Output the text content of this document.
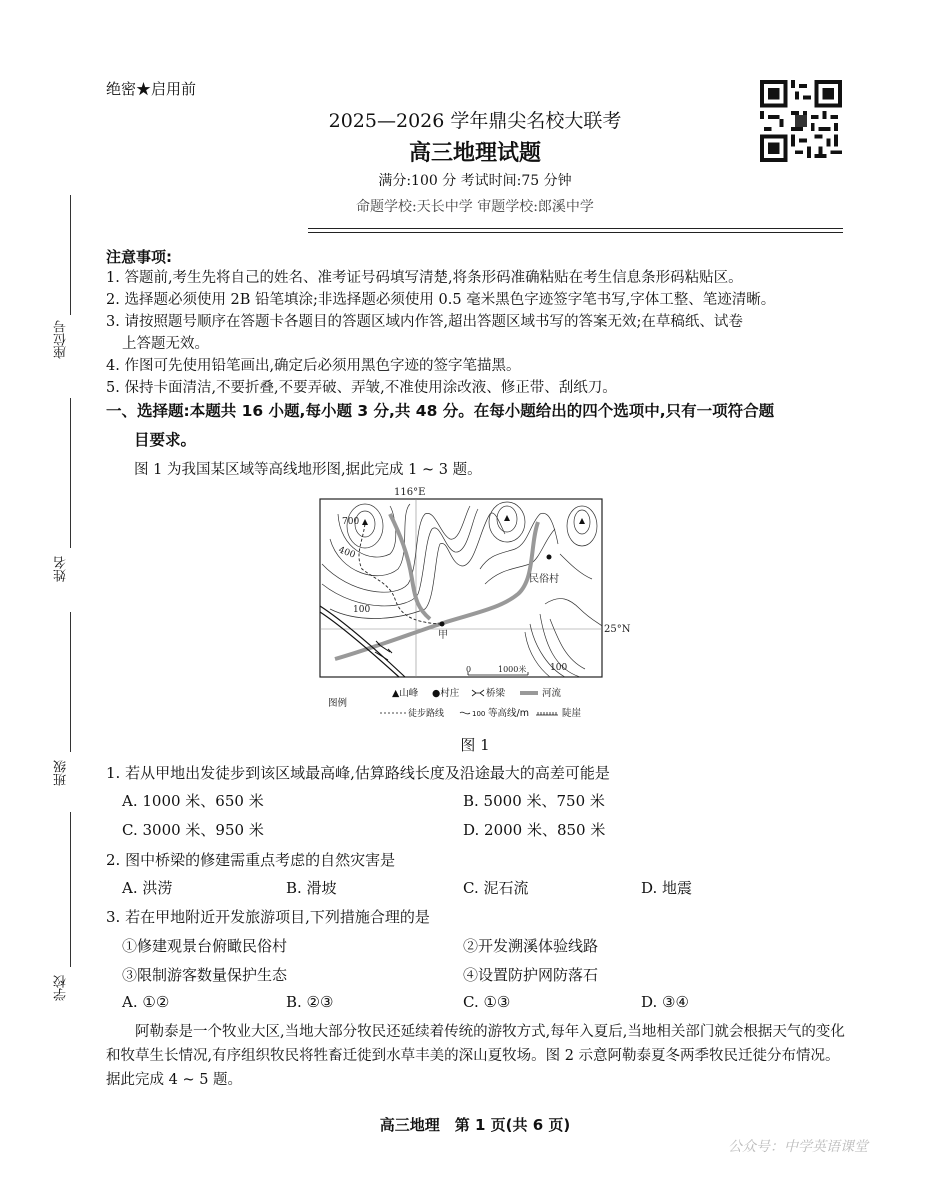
绝密★启用前
2025—2026 学年鼎尖名校大联考
高三地理试题
满分:100 分 考试时间:75 分钟
命题学校:天长中学 审题学校:郎溪中学
座位号
姓名
班级
学校
注意事项:
1. 答题前,考生先将自己的姓名、准考证号码填写清楚,将条形码准确粘贴在考生信息条形码粘贴区。
2. 选择题必须使用 2B 铅笔填涂;非选择题必须使用 0.5 毫米黑色字迹签字笔书写,字体工整、笔迹清晰。
3. 请按照题号顺序在答题卡各题目的答题区域内作答,超出答题区域书写的答案无效;在草稿纸、试卷
上答题无效。
4. 作图可先使用铅笔画出,确定后必须用黑色字迹的签字笔描黑。
5. 保持卡面清洁,不要折叠,不要弄破、弄皱,不准使用涂改液、修正带、刮纸刀。
一、选择题:本题共 16 小题,每小题 3 分,共 48 分。在每小题给出的四个选项中,只有一项符合题
目要求。
图 1 为我国某区域等高线地形图,据此完成 1 ~ 3 题。
116°E
700
400
100
100
民俗村
甲
25°N
0	1000米
图例
▲山峰 ●村庄	桥梁	河流
徒步路线	100 等高线/m	陡崖
图 1
1. 若从甲地出发徒步到该区域最高峰,估算路线长度及沿途最大的高差可能是
A. 1000 米、650 米	B. 5000 米、750 米
C. 3000 米、950 米	D. 2000 米、850 米
2. 图中桥梁的修建需重点考虑的自然灾害是
A. 洪涝	B. 滑坡	C. 泥石流	D. 地震
3. 若在甲地附近开发旅游项目,下列措施合理的是
①修建观景台俯瞰民俗村	②开发溯溪体验线路
③限制游客数量保护生态	④设置防护网防落石
A. ①②	B. ②③	C. ①③	D. ③④
阿勒泰是一个牧业大区,当地大部分牧民还延续着传统的游牧方式,每年入夏后,当地相关部门就会根据天气的变化和牧草生长情况,有序组织牧民将牲畜迁徙到水草丰美的深山夏牧场。图 2 示意阿勒泰夏冬两季牧民迁徙分布情况。据此完成 4 ~ 5 题。
高三地理　第 1 页(共 6 页)
公众号：中学英语课堂
